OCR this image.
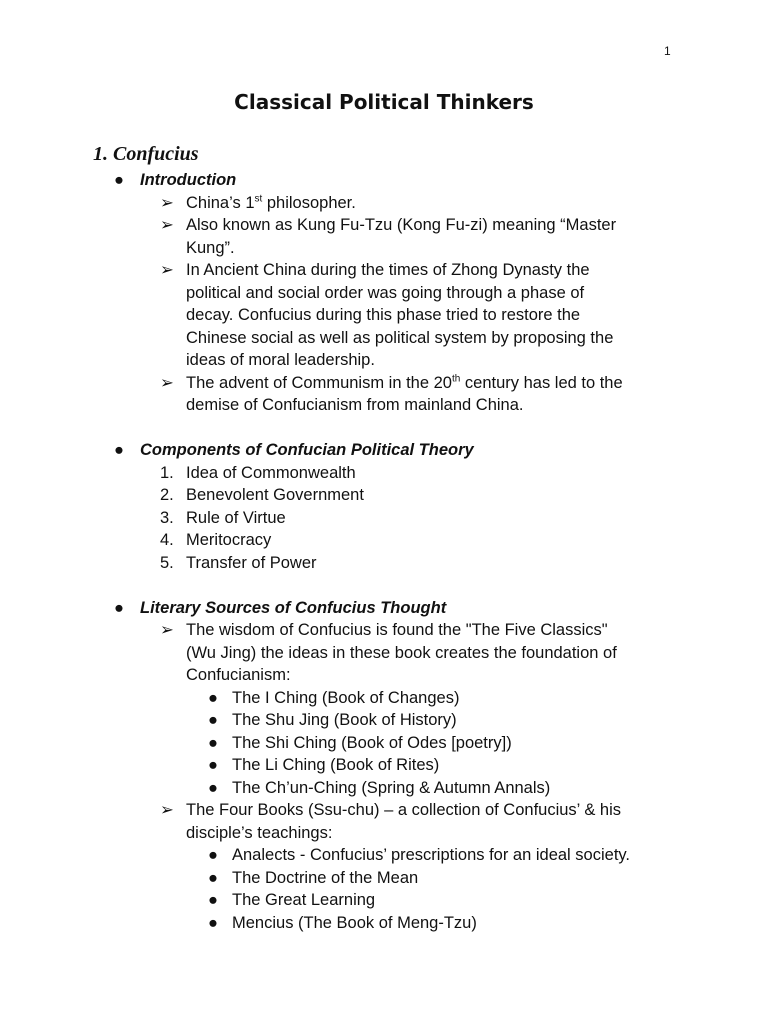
1
Classical Political Thinkers
1. Confucius
● Introduction
➢ China’s 1st philosopher.
➢ Also known as Kung Fu-Tzu (Kong Fu-zi) meaning “Master
Kung”.
➢ In Ancient China during the times of Zhong Dynasty the
political and social order was going through a phase of
decay. Confucius during this phase tried to restore the
Chinese social as well as political system by proposing the
ideas of moral leadership.
➢ The advent of Communism in the 20th century has led to the
demise of Confucianism from mainland China.
● Components of Confucian Political Theory
1. Idea of Commonwealth
2. Benevolent Government
3. Rule of Virtue
4. Meritocracy
5. Transfer of Power
● Literary Sources of Confucius Thought
➢ The wisdom of Confucius is found the "The Five Classics"
(Wu Jing) the ideas in these book creates the foundation of
Confucianism:
● The I Ching (Book of Changes)
● The Shu Jing (Book of History)
● The Shi Ching (Book of Odes [poetry])
● The Li Ching (Book of Rites)
● The Ch’un-Ching (Spring & Autumn Annals)
➢ The Four Books (Ssu-chu) – a collection of Confucius’ & his
disciple’s teachings:
● Analects - Confucius’ prescriptions for an ideal society.
● The Doctrine of the Mean
● The Great Learning
● Mencius (The Book of Meng-Tzu)
